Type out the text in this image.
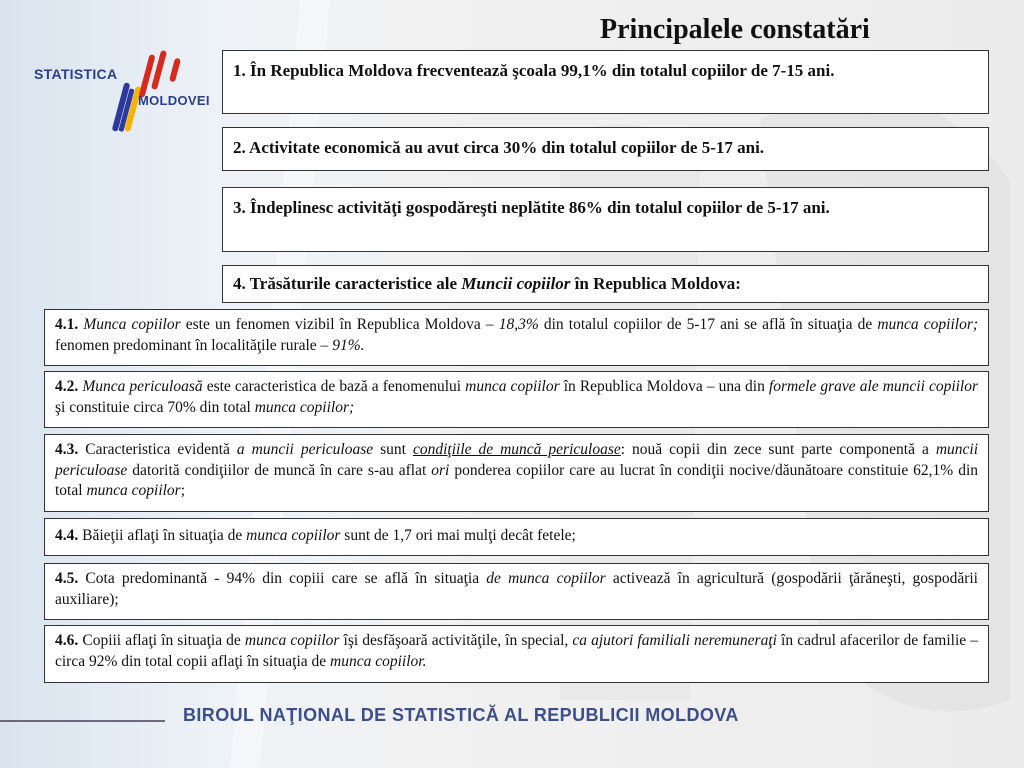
STATISTICA
MOLDOVEI
Principalele constatări
1. În Republica Moldova frecventează şcoala 99,1% din totalul copiilor de 7-15 ani.
2. Activitate economică au avut circa 30% din totalul copiilor de 5-17 ani.
3. Îndeplinesc activităţi gospodăreşti neplătite 86% din totalul copiilor de 5-17 ani.
4. Trăsăturile caracteristice ale Muncii copiilor în Republica Moldova:
4.1. Munca copiilor este un fenomen vizibil în Republica Moldova – 18,3% din totalul copiilor de 5-17 ani se află în situaţia de munca copiilor; fenomen predominant în localităţile rurale – 91%.
4.2. Munca periculoasă este caracteristica de bază a fenomenului munca copiilor în Republica Moldova – una din formele grave ale muncii copiilor şi constituie circa 70% din total munca copiilor;
4.3. Caracteristica evidentă a muncii periculoase sunt condiţiile de muncă periculoase: nouă copii din zece sunt parte componentă a muncii periculoase datorită condiţiilor de muncă în care s-au aflat ori ponderea copiilor care au lucrat în condiţii nocive/dăunătoare constituie 62,1% din total munca copiilor;
4.4. Băieţii aflaţi în situaţia de munca copiilor sunt de 1,7 ori mai mulţi decât fetele;
4.5. Cota predominantă - 94% din copiii care se află în situaţia de munca copiilor activează în agricultură (gospodării ţărăneşti, gospodării auxiliare);
4.6. Copiii aflaţi în situaţia de munca copiilor îşi desfăşoară activităţile, în special, ca ajutori familiali neremuneraţi în cadrul afacerilor de familie – circa 92% din total copii aflaţi în situaţia de munca copiilor.
BIROUL NAŢIONAL DE STATISTICĂ AL REPUBLICII MOLDOVA
